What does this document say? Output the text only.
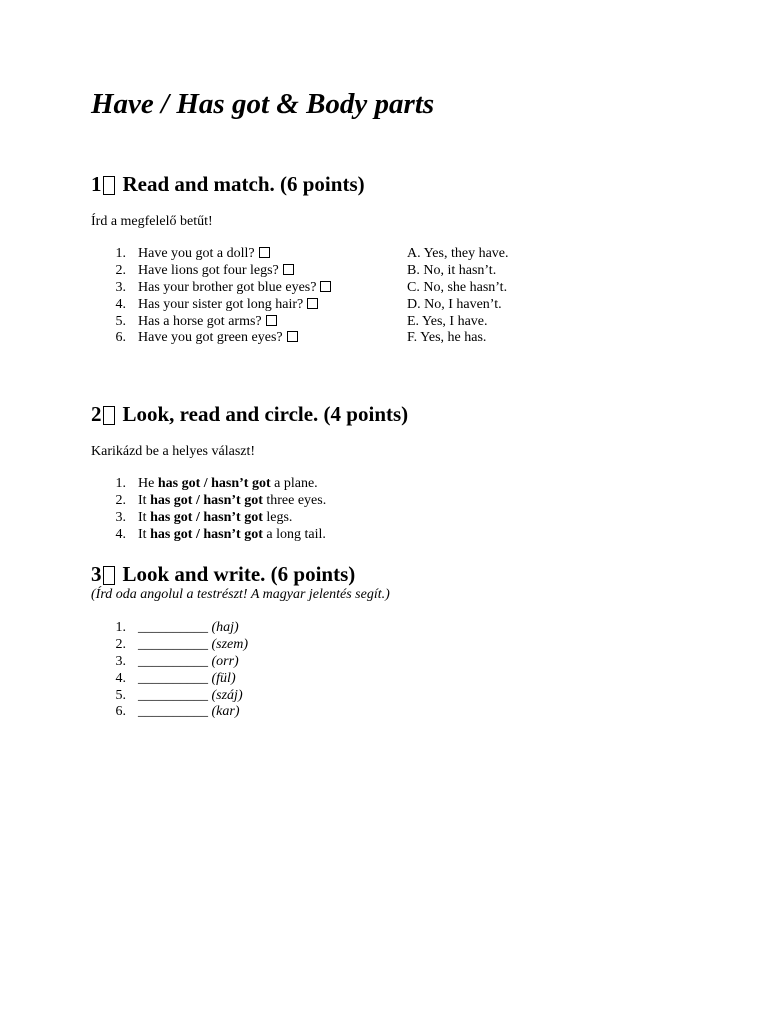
Have / Has got & Body parts
1 Read and match. (6 points)

Írd a megfelelő betűt!

1. Have you got a doll?
2. Have lions got four legs?
3. Has your brother got blue eyes?
4. Has your sister got long hair?
5. Has a horse got arms?
6. Have you got green eyes?
A. Yes, they have.
B. No, it hasn’t.
C. No, she hasn’t.
D. No, I haven’t.
E. Yes, I have.
F. Yes, he has.
2 Look, read and circle. (4 points)

Karikázd be a helyes választ!

1. He has got / hasn’t got a plane.
2. It has got / hasn’t got three eyes.
3. It has got / hasn’t got legs.
4. It has got / hasn’t got a long tail.
3 Look and write. (6 points)

(Írd oda angolul a testrészt! A magyar jelentés segít.)

1. __________ (haj)
2. __________ (szem)
3. __________ (orr)
4. __________ (fül)
5. __________ (száj)
6. __________ (kar)
